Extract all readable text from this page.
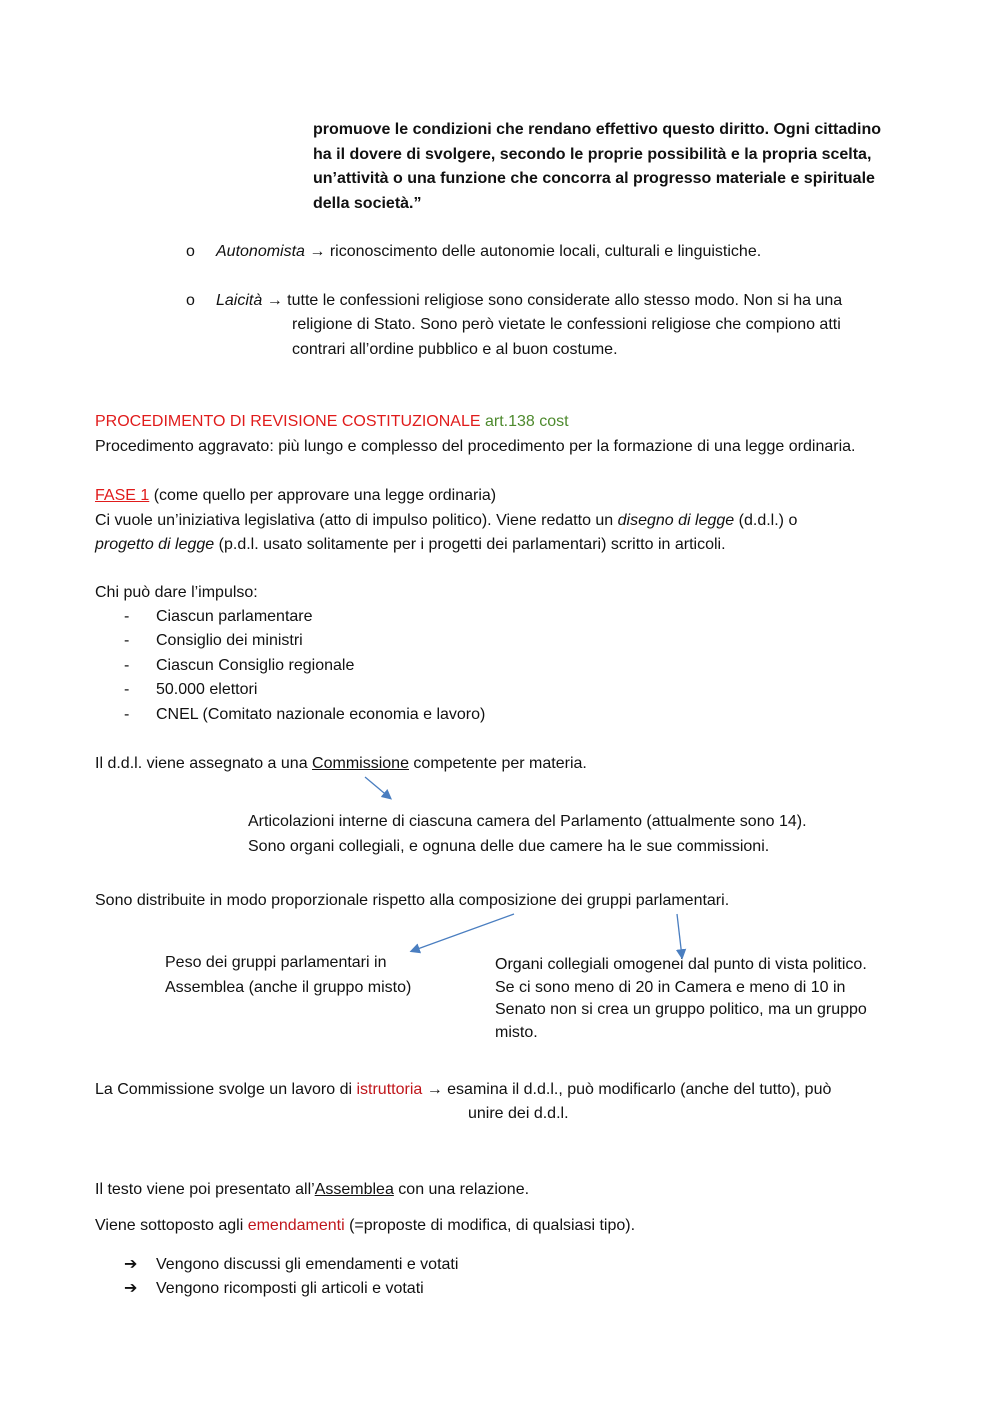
promuove le condizioni che rendano effettivo questo diritto. Ogni cittadino
ha il dovere di svolgere, secondo le proprie possibilità e la propria scelta,
un’attività o una funzione che concorra al progresso materiale e spirituale
della società.”
o Autonomista → riconoscimento delle autonomie locali, culturali e linguistiche.
o Laicità → tutte le confessioni religiose sono considerate allo stesso modo. Non si ha una
religione di Stato. Sono però vietate le confessioni religiose che compiono atti
contrari all’ordine pubblico e al buon costume.
PROCEDIMENTO DI REVISIONE COSTITUZIONALE art.138 cost
Procedimento aggravato: più lungo e complesso del procedimento per la formazione di una legge ordinaria.
FASE 1 (come quello per approvare una legge ordinaria)
Ci vuole un’iniziativa legislativa (atto di impulso politico). Viene redatto un disegno di legge (d.d.l.) o
progetto di legge (p.d.l. usato solitamente per i progetti dei parlamentari) scritto in articoli.
Chi può dare l’impulso:
- Ciascun parlamentare
- Consiglio dei ministri
- Ciascun Consiglio regionale
- 50.000 elettori
- CNEL (Comitato nazionale economia e lavoro)
Il d.d.l. viene assegnato a una Commissione competente per materia.
Articolazioni interne di ciascuna camera del Parlamento (attualmente sono 14).
Sono organi collegiali, e ognuna delle due camere ha le sue commissioni.
Sono distribuite in modo proporzionale rispetto alla composizione dei gruppi parlamentari.
Peso dei gruppi parlamentari in
Assemblea (anche il gruppo misto)
Organi collegiali omogenei dal punto di vista politico.
Se ci sono meno di 20 in Camera e meno di 10 in
Senato non si crea un gruppo politico, ma un gruppo
misto.
La Commissione svolge un lavoro di istruttoria → esamina il d.d.l., può modificarlo (anche del tutto), può
unire dei d.d.l.
Il testo viene poi presentato all’Assemblea con una relazione.
Viene sottoposto agli emendamenti (=proposte di modifica, di qualsiasi tipo).
➔ Vengono discussi gli emendamenti e votati
➔ Vengono ricomposti gli articoli e votati
